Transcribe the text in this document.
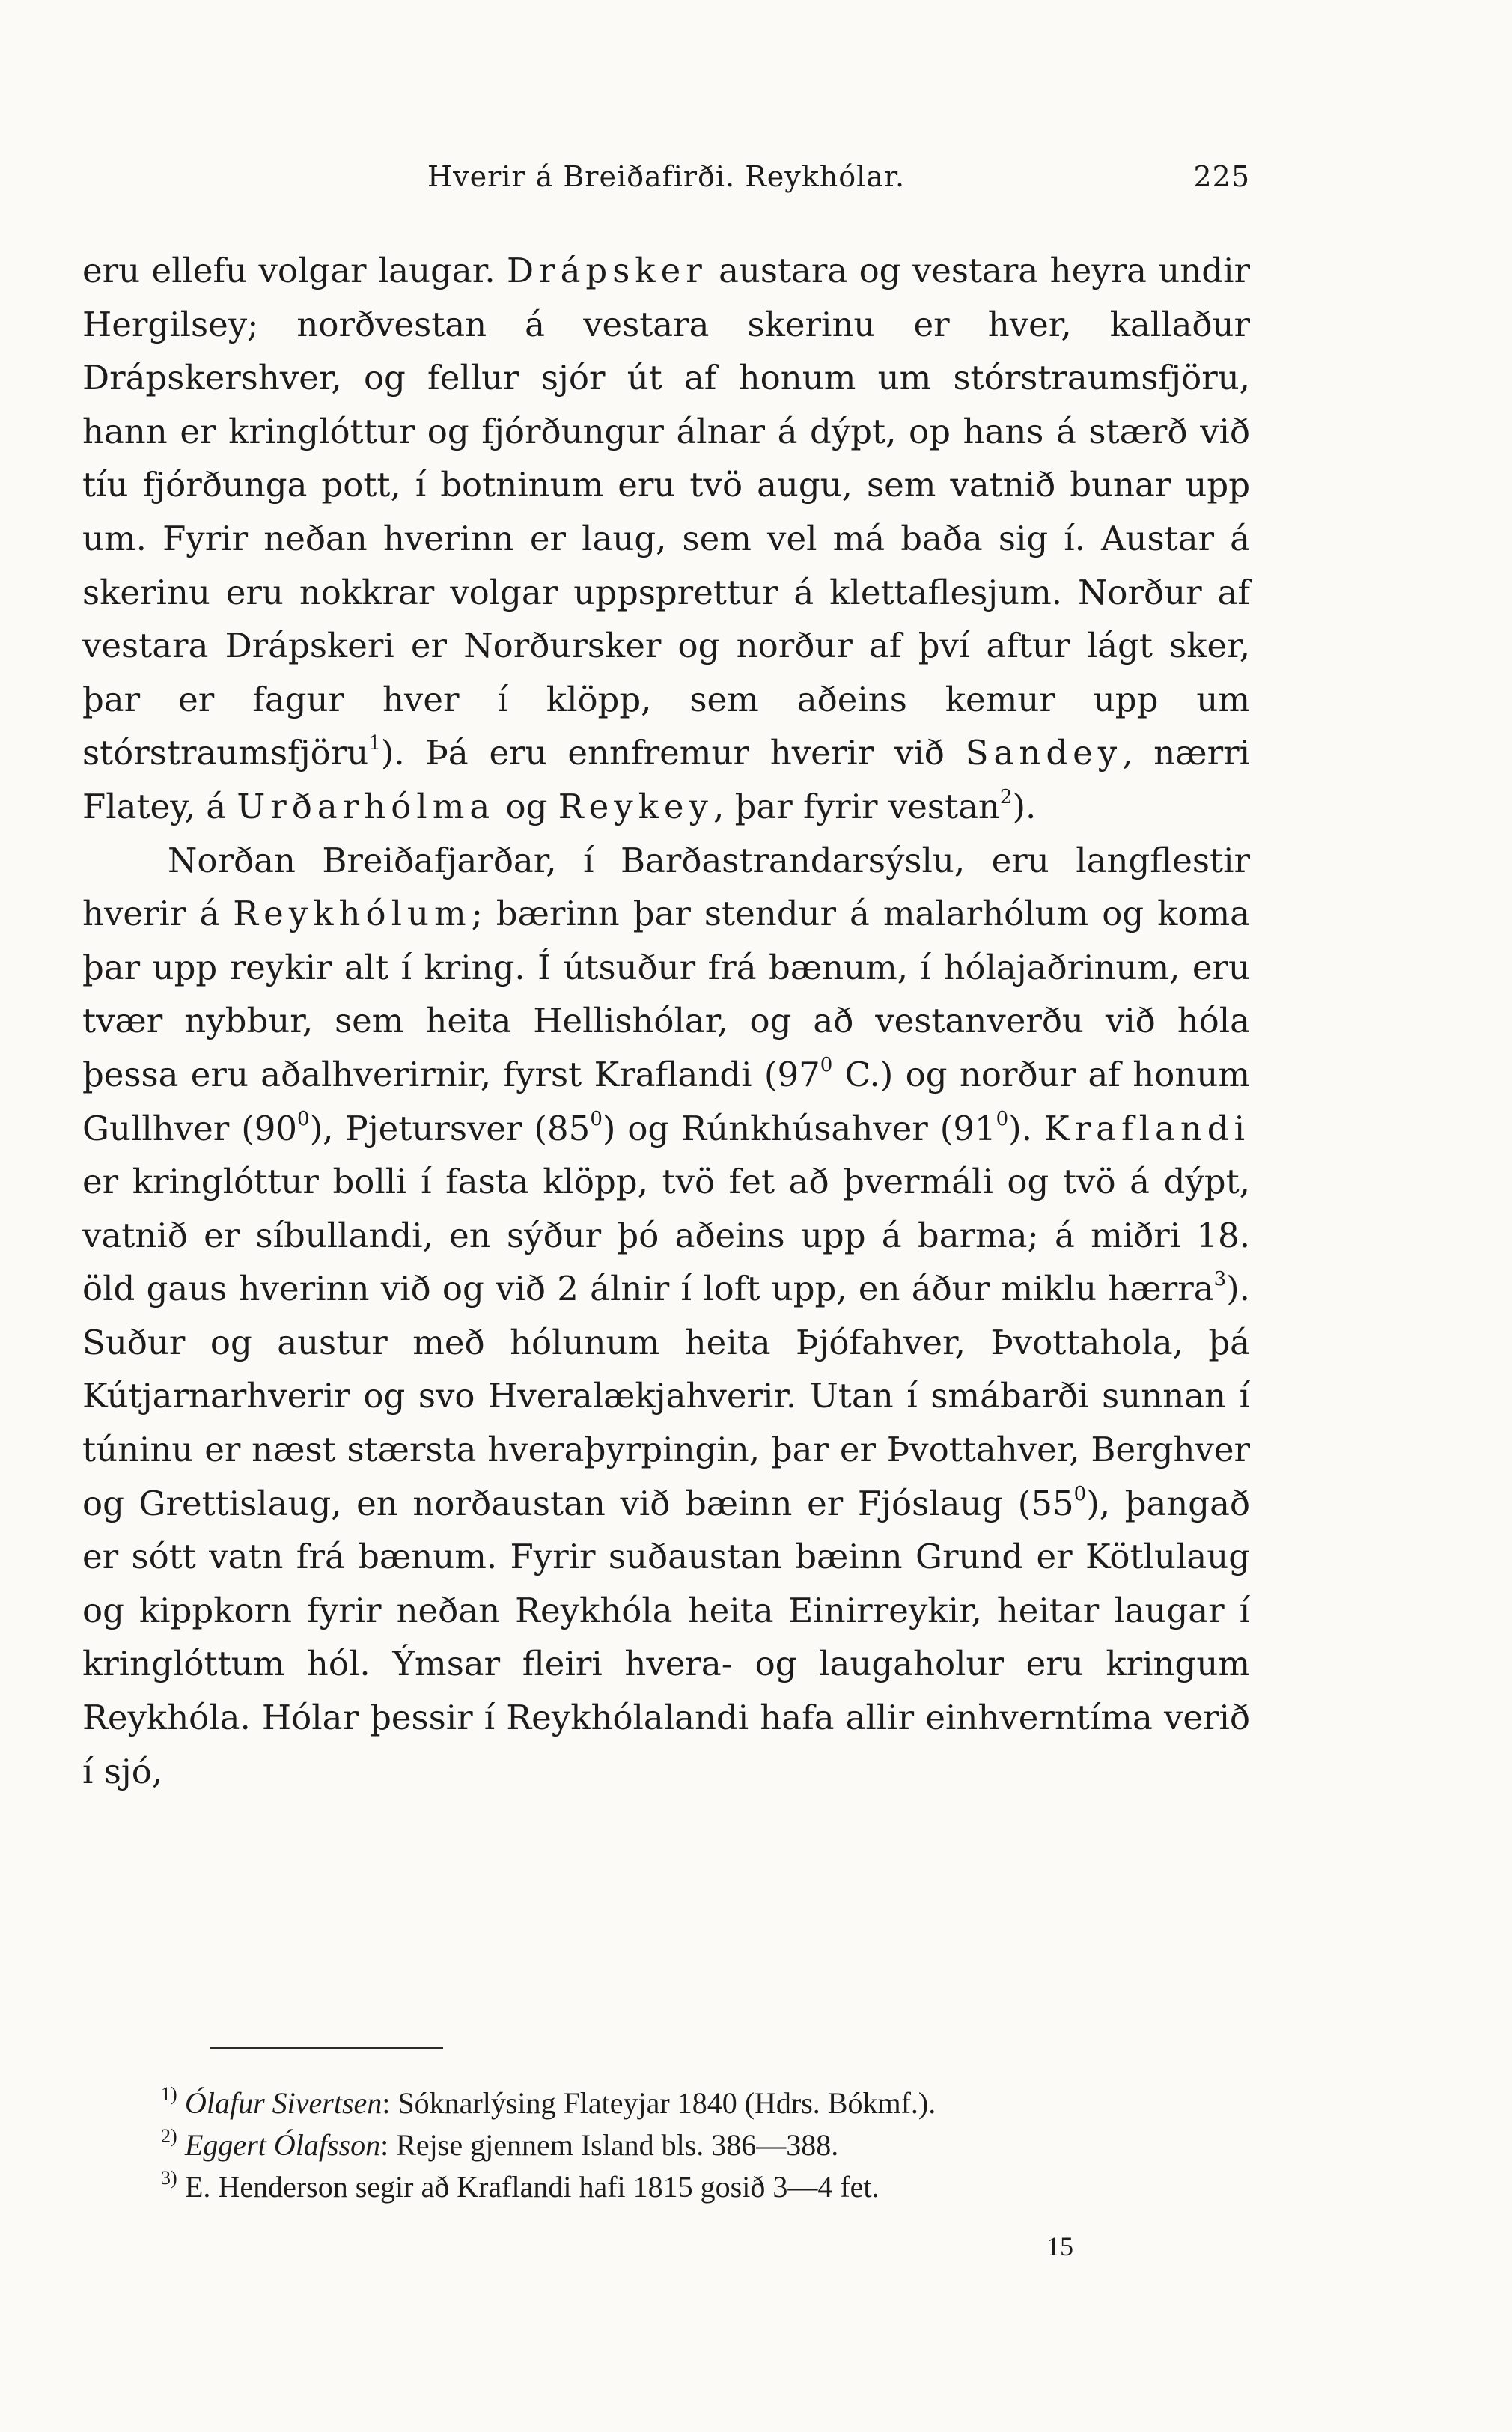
Hverir á Breiðafirði. Reykhólar.	225

eru ellefu volgar laugar. Drápsker austara og vestara heyra undir Hergilsey; norðvestan á vestara skerinu er hver, kallaður Drápskershver, og fellur sjór út af honum um stórstraumsfjöru, hann er kringlóttur og fjórðungur álnar á dýpt, op hans á stærð við tíu fjórðunga pott, í botninum eru tvö augu, sem vatnið bunar upp um. Fyrir neðan hverinn er laug, sem vel má baða sig í. Austar á skerinu eru nokkrar volgar uppsprettur á klettaflesjum. Norður af vestara Drápskeri er Norðursker og norður af því aftur lágt sker, þar er fagur hver í klöpp, sem aðeins kemur upp um stórstraumsfjöru$^1$). Þá eru ennfremur hverir við Sandey, nærri Flatey, á Urðarhólma og Reykey, þar fyrir vestan$^2$).

Norðan Breiðafjarðar, í Barðastrandarsýslu, eru langflestir hverir á Reykhólum; bærinn þar stendur á malarhólum og koma þar upp reykir alt í kring. Í útsuður frá bænum, í hólajaðrinum, eru tvær nybbur, sem heita Hellishólar, og að vestanverðu við hóla þessa eru aðalhverirnir, fyrst Kraflandi ($97^0$ C.) og norður af honum Gullhver $(90^0)$, Pjetursver $(85^0)$ og Rúnkhúsahver $(91^0)$. Kraflandi er kringlóttur bolli í fasta klöpp, tvö fet að þvermáli og tvö á dýpt, vatnið er síbullandi, en sýður þó aðeins upp á barma; á miðri 18. öld gaus hverinn við og við 2 álnir í loft upp, en áður miklu hærra$^3$). Suður og austur með hólunum heita Þjófahver, Þvottahola, þá Kútjarnarhverir og svo Hveralækjahverir. Utan í smábarði sunnan í túninu er næst stærsta hveraþyrpingin, þar er Þvottahver, Berghver og Grettislaug, en norðaustan við bæinn er Fjóslaug $(55^0)$, þangað er sótt vatn frá bænum. Fyrir suðaustan bæinn Grund er Kötlulaug og kippkorn fyrir neðan Reykhóla heita Einirreykir, heitar laugar í kringlóttum hól. Ýmsar fleiri hvera- og laugaholur eru kringum Reykhóla. Hólar þessir í Reykhólalandi hafa allir einhverntíma verið í sjó,

1) Ólafur Sivertsen: Sóknarlýsing Flateyjar 1840 (Hdrs. Bókmf.).
2) Eggert Ólafsson: Rejse gjennem Island bls. 386—388.
3) E. Henderson segir að Kraflandi hafi 1815 gosið 3—4 fet.
15
